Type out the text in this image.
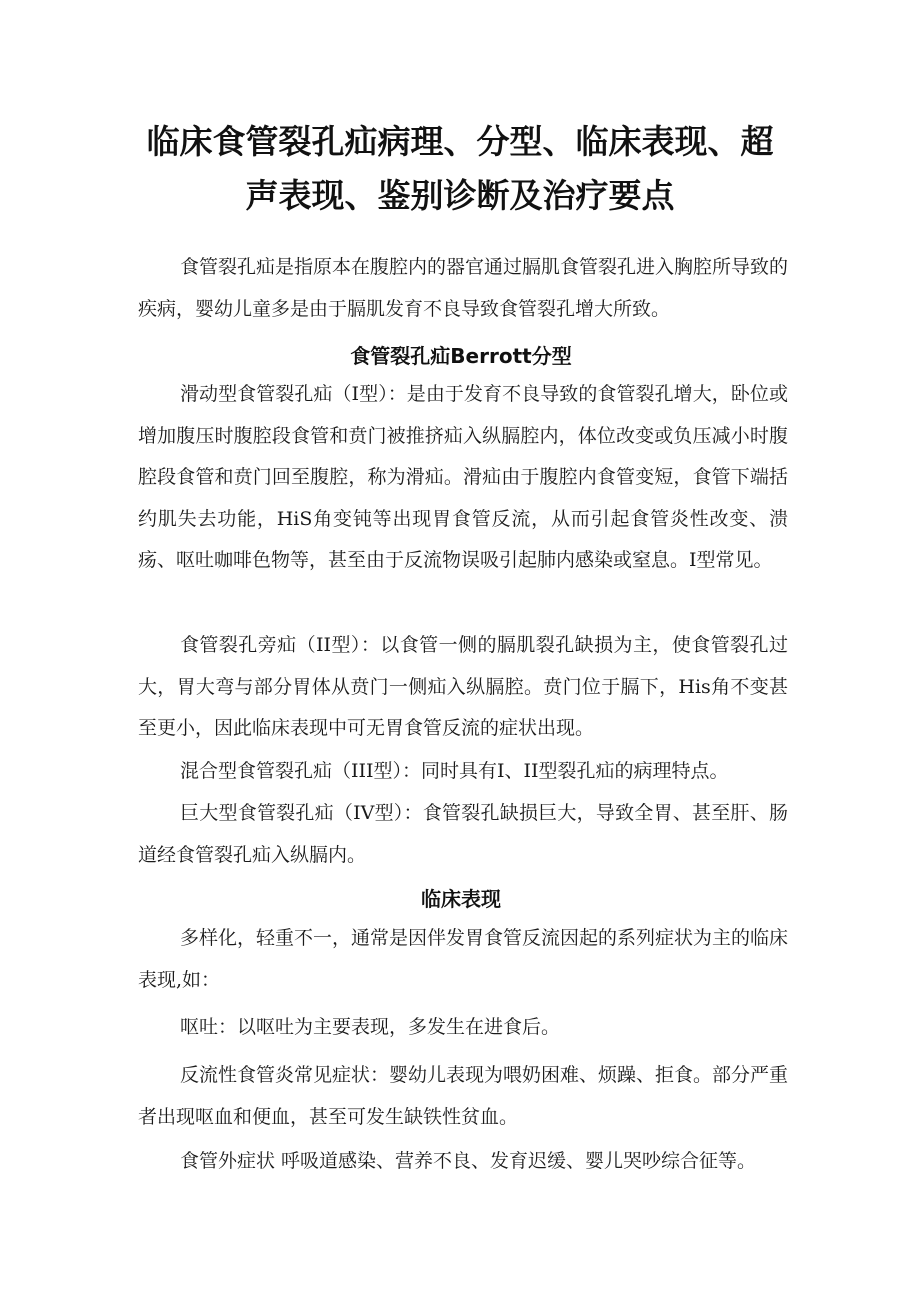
临床食管裂孔疝病理、分型、临床表现、超
声表现、鉴别诊断及治疗要点

食管裂孔疝是指原本在腹腔内的器官通过膈肌食管裂孔进入胸腔所导致的疾病，婴幼儿童多是由于膈肌发育不良导致食管裂孔增大所致。

食管裂孔疝Berrott分型

滑动型食管裂孔疝（I型）：是由于发育不良导致的食管裂孔增大，卧位或增加腹压时腹腔段食管和贲门被推挤疝入纵膈腔内，体位改变或负压减小时腹腔段食管和贲门回至腹腔，称为滑疝。滑疝由于腹腔内食管变短，食管下端括约肌失去功能，HiS角变钝等出现胃食管反流，从而引起食管炎性改变、溃疡、呕吐咖啡色物等，甚至由于反流物误吸引起肺内感染或窒息。I型常见。

食管裂孔旁疝（II型）：以食管一侧的膈肌裂孔缺损为主，使食管裂孔过大，胃大弯与部分胃体从贲门一侧疝入纵膈腔。贲门位于膈下，His角不变甚至更小，因此临床表现中可无胃食管反流的症状出现。

混合型食管裂孔疝（III型）：同时具有I、II型裂孔疝的病理特点。

巨大型食管裂孔疝（IV型）：食管裂孔缺损巨大，导致全胃、甚至肝、肠道经食管裂孔疝入纵膈内。

临床表现

多样化，轻重不一，通常是因伴发胃食管反流因起的系列症状为主的临床表现,如：

呕吐：以呕吐为主要表现，多发生在进食后。

反流性食管炎常见症状：婴幼儿表现为喂奶困难、烦躁、拒食。部分严重者出现呕血和便血，甚至可发生缺铁性贫血。

食管外症状 呼吸道感染、营养不良、发育迟缓、婴儿哭吵综合征等。
